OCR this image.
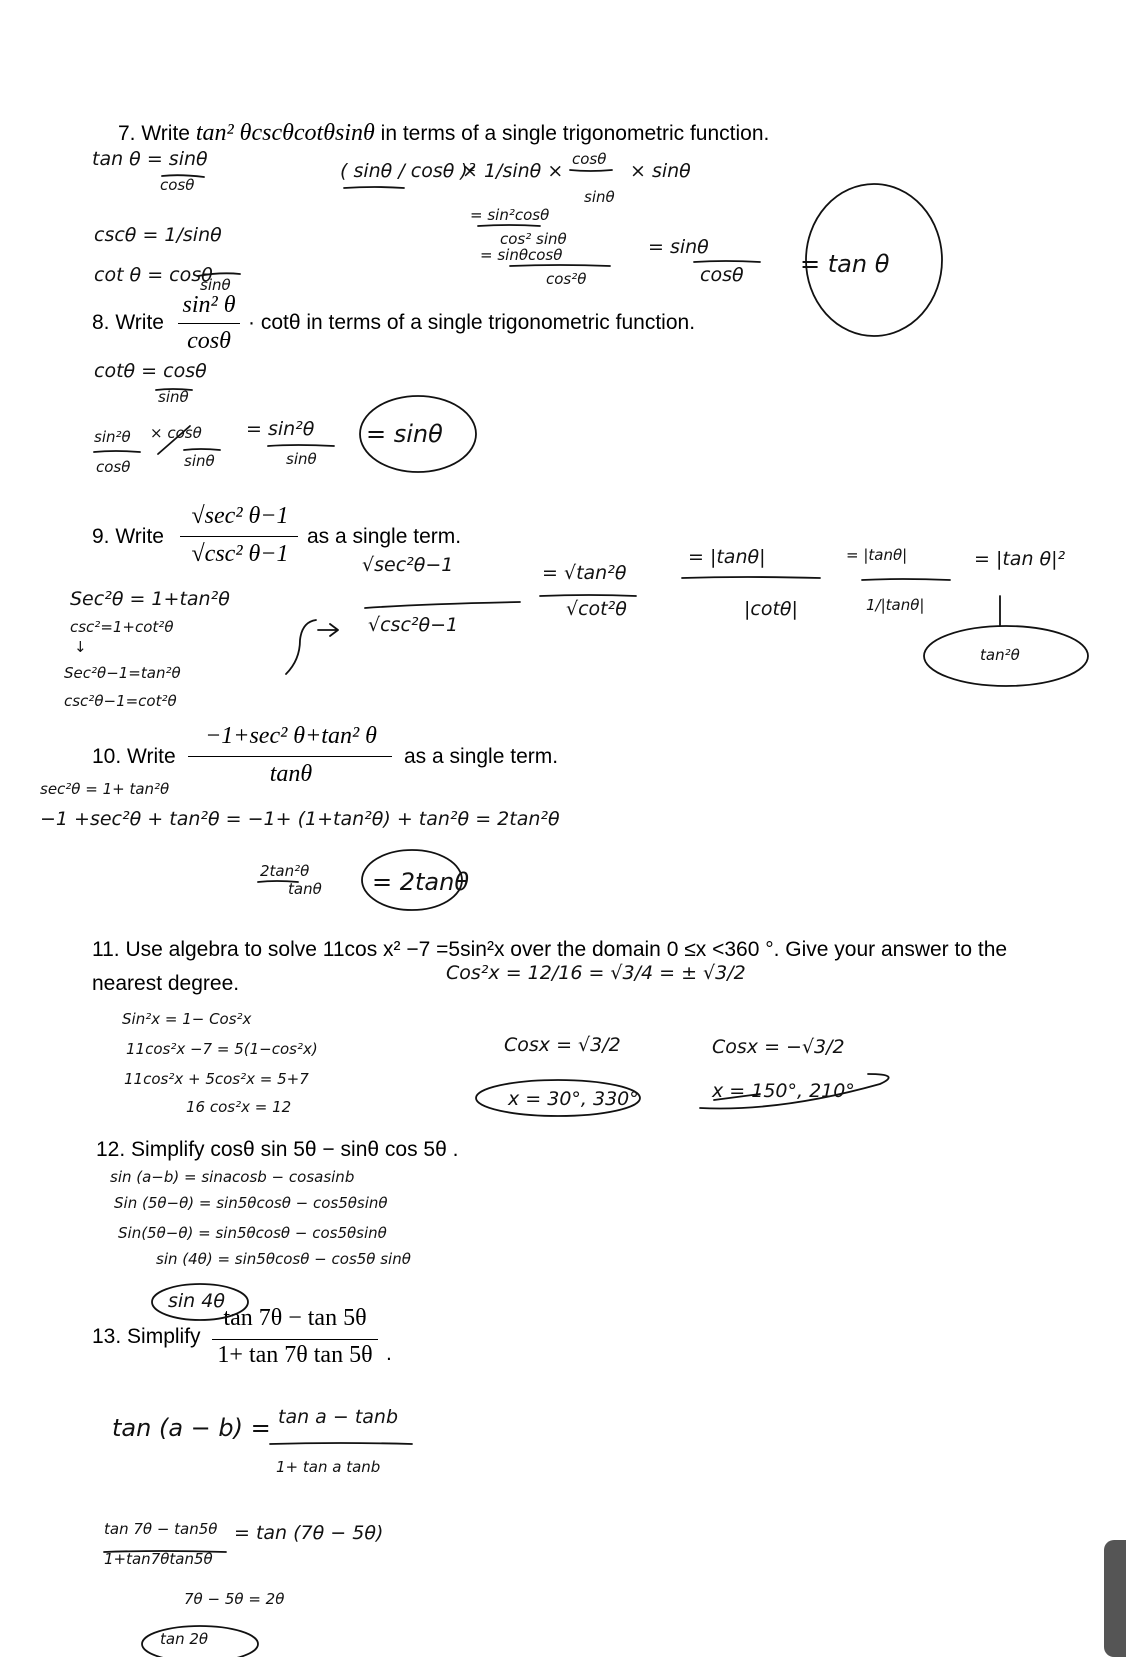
7. Write tan² θcscθcotθsinθ in terms of a single trigonometric function.
8. Write
sin² θ
cosθ
· cotθ in terms of a single trigonometric function.
9. Write
√sec² θ−1
√csc² θ−1
as a single term.
10. Write
−1+sec² θ+tan² θ
tanθ
as a single term.
11. Use algebra to solve 11cos x² −7 =5sin²x over the domain 0 ≤x <360 °. Give your answer to the
nearest degree.
12. Simplify cosθ sin 5θ − sinθ cos 5θ .
13. Simplify
tan 7θ − tan 5θ
1+ tan 7θ tan 5θ .
tan θ = sinθ
cosθ
cscθ = 1/sinθ
cot θ = cosθ
sinθ
( sinθ / cosθ )²
× 1/sinθ ×
cosθ
sinθ
× sinθ
= sin²cosθ
cos² sinθ
= sinθcosθ
cos²θ
= sinθ
cosθ = tan θ
cotθ = cosθ
sinθ
sin²θ
cosθ
× cosθ
sinθ
= sin²θ
sinθ
= sinθ
Sec²θ = 1+tan²θ
csc²=1+cot²θ
↓
Sec²θ−1=tan²θ
csc²θ−1=cot²θ
√sec²θ−1
√csc²θ−1
= √tan²θ
√cot²θ
= |tanθ|
|cotθ|
= |tanθ|
1/|tanθ|
= |tan θ|²
tan²θ
sec²θ = 1+ tan²θ
−1 +sec²θ + tan²θ = −1+ (1+tan²θ) + tan²θ = 2tan²θ
2tan²θ
tanθ = 2tanθ
Cos²x = 12/16 = √3/4 = ± √3/2
Sin²x = 1− Cos²x
11cos²x −7 = 5(1−cos²x)
11cos²x + 5cos²x = 5+7
16 cos²x = 12
Cosx = √3/2
x = 30°, 330°
Cosx = −√3/2
x = 150°, 210°
sin (a−b) = sinacosb − cosasinb
Sin (5θ−θ) = sin5θcosθ − cos5θsinθ
Sin(5θ−θ) = sin5θcosθ − cos5θsinθ
sin (4θ) = sin5θcosθ − cos5θ sinθ
sin 4θ
tan (a − b) = tan a − tanb
1+ tan a tanb
tan 7θ − tan5θ
1+tan7θtan5θ
= tan (7θ − 5θ)
7θ − 5θ = 2θ
tan 2θ
